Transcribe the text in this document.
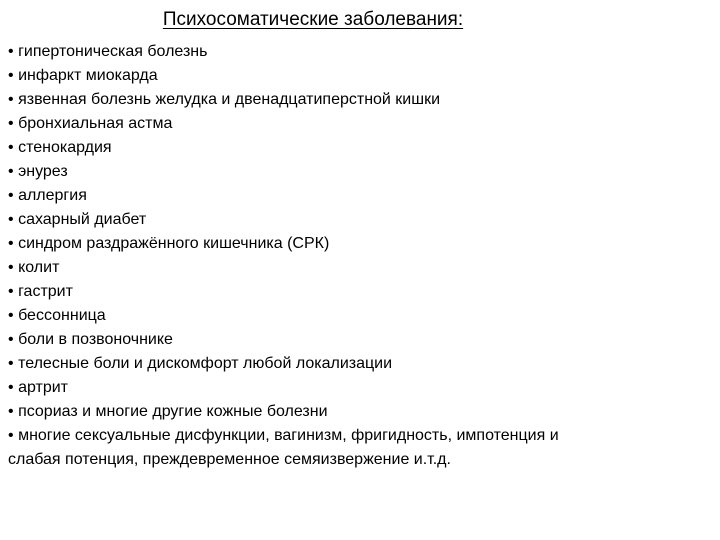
Психосоматические заболевания:
• гипертоническая болезнь
• инфаркт миокарда
• язвенная болезнь желудка и двенадцатиперстной кишки
• бронхиальная астма
• стенокардия
• энурез
• аллергия
• сахарный диабет
• синдром раздражённого кишечника (СРК)
• колит
• гастрит
• бессонница
• боли в позвоночнике
• телесные боли и дискомфорт любой локализации
• артрит
• псориаз и многие другие кожные болезни
• многие сексуальные дисфункции, вагинизм, фригидность, импотенция и слабая потенция, преждевременное семяизвержение и.т.д.
